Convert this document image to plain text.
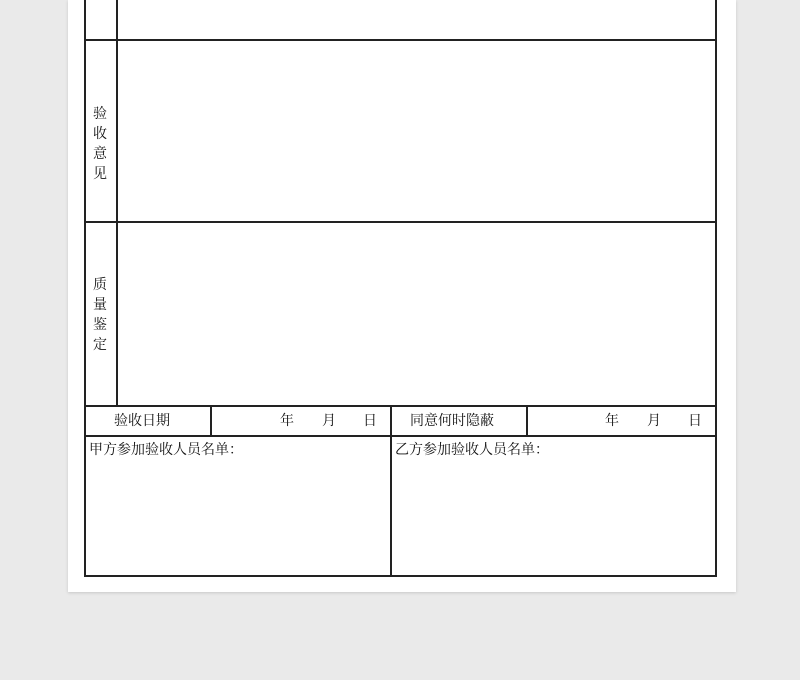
验
收
意
见
质
量
鉴
定
验收日期	年 月 日 同意何时隐蔽	年 月 日
甲方参加验收人员名单：	乙方参加验收人员名单：
